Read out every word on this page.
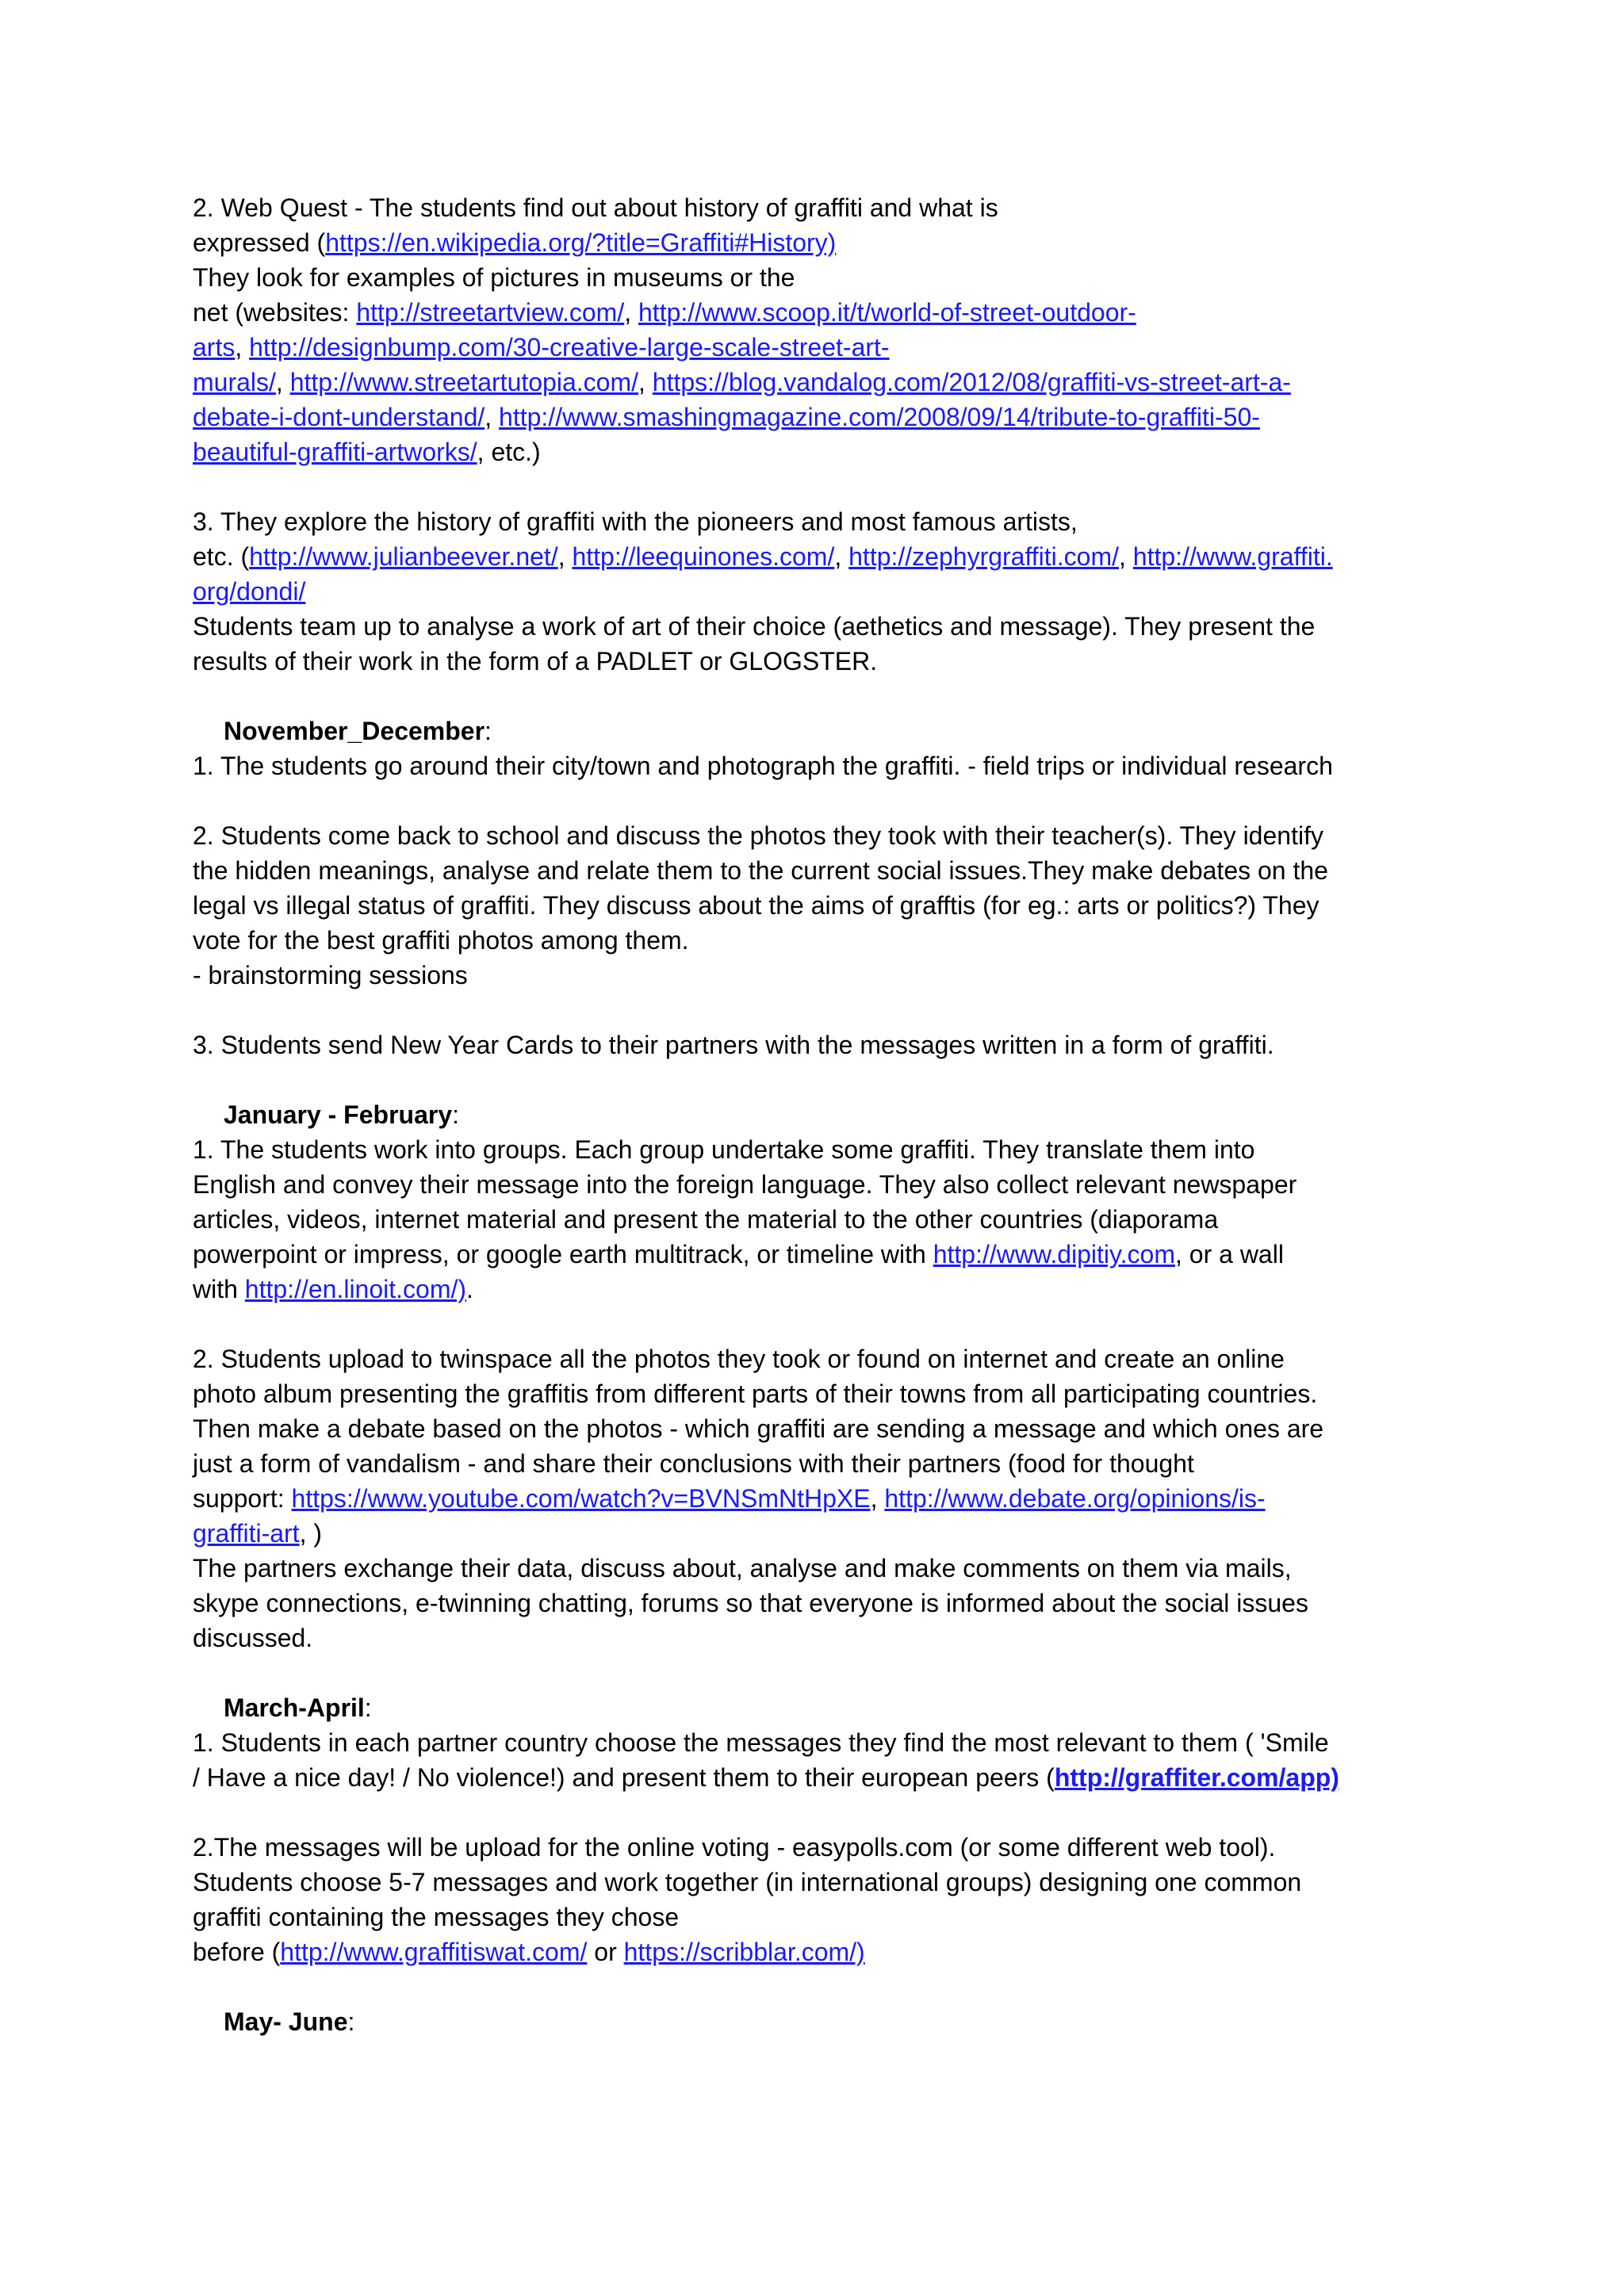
2. Web Quest - The students find out about history of graffiti and what is
expressed (https://en.wikipedia.org/?title=Graffiti#History)
They look for examples of pictures in museums or the
net (websites: http://streetartview.com/, http://www.scoop.it/t/world-of-street-outdoor-
arts, http://designbump.com/30-creative-large-scale-street-art-
murals/, http://www.streetartutopia.com/, https://blog.vandalog.com/2012/08/graffiti-vs-street-art-a-
debate-i-dont-understand/, http://www.smashingmagazine.com/2008/09/14/tribute-to-graffiti-50-
beautiful-graffiti-artworks/, etc.)
3. They explore the history of graffiti with the pioneers and most famous artists,
etc. (http://www.julianbeever.net/, http://leequinones.com/, http://zephyrgraffiti.com/, http://www.graffiti.
org/dondi/
Students team up to analyse a work of art of their choice (aethetics and message). They present the
results of their work in the form of a PADLET or GLOGSTER.
November_December:
1. The students go around their city/town and photograph the graffiti. - field trips or individual research
2. Students come back to school and discuss the photos they took with their teacher(s). They identify
the hidden meanings, analyse and relate them to the current social issues.They make debates on the
legal vs illegal status of graffiti. They discuss about the aims of grafftis (for eg.: arts or politics?) They
vote for the best graffiti photos among them.
- brainstorming sessions
3. Students send New Year Cards to their partners with the messages written in a form of graffiti.
January - February:
1. The students work into groups. Each group undertake some graffiti. They translate them into
English and convey their message into the foreign language. They also collect relevant newspaper
articles, videos, internet material and present the material to the other countries (diaporama
powerpoint or impress, or google earth multitrack, or timeline with http://www.dipitiy.com, or a wall
with http://en.linoit.com/).
2. Students upload to twinspace all the photos they took or found on internet and create an online
photo album presenting the graffitis from different parts of their towns from all participating countries.
Then make a debate based on the photos - which graffiti are sending a message and which ones are
just a form of vandalism - and share their conclusions with their partners (food for thought
support: https://www.youtube.com/watch?v=BVNSmNtHpXE, http://www.debate.org/opinions/is-
graffiti-art, )
The partners exchange their data, discuss about, analyse and make comments on them via mails,
skype connections, e-twinning chatting, forums so that everyone is informed about the social issues
discussed.
March-April:
1. Students in each partner country choose the messages they find the most relevant to them ( 'Smile
/ Have a nice day! / No violence!) and present them to their european peers (http://graffiter.com/app)
2.The messages will be upload for the online voting - easypolls.com (or some different web tool).
Students choose 5-7 messages and work together (in international groups) designing one common
graffiti containing the messages they chose
before (http://www.graffitiswat.com/ or https://scribblar.com/)
May- June:
